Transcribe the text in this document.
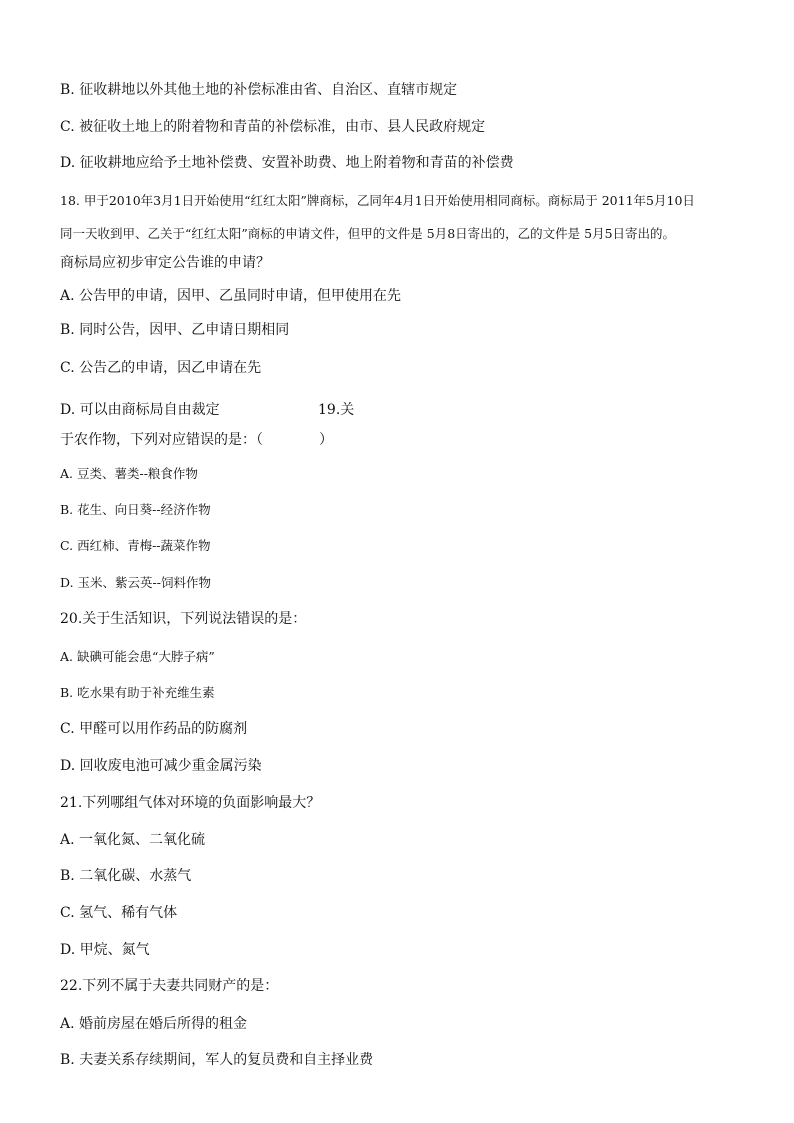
B. 征收耕地以外其他土地的补偿标准由省、自治区、直辖市规定
C. 被征收土地上的附着物和青苗的补偿标准，由市、县人民政府规定
D. 征收耕地应给予土地补偿费、安置补助费、地上附着物和青苗的补偿费
18. 甲于2010年3月1日开始使用“红红太阳”牌商标，乙同年4月1日开始使用相同商标。商标局于 2011年5月10日
同一天收到甲、乙关于“红红太阳”商标的申请文件，但甲的文件是 5月8日寄出的，乙的文件是 5月5日寄出的。
商标局应初步审定公告谁的申请？
A. 公告甲的申请，因甲、乙虽同时申请，但甲使用在先
B. 同时公告，因甲、乙申请日期相同
C. 公告乙的申请，因乙申请在先
D. 可以由商标局自由裁定	19.关
于农作物，下列对应错误的是：（　　　　）
A. 豆类、薯类--粮食作物
B. 花生、向日葵--经济作物
C. 西红柿、青梅--蔬菜作物
D. 玉米、紫云英--饲料作物
20.关于生活知识，下列说法错误的是：
A. 缺碘可能会患“大脖子病”
B. 吃水果有助于补充维生素
C. 甲醛可以用作药品的防腐剂
D. 回收废电池可减少重金属污染
21.下列哪组气体对环境的负面影响最大？
A. 一氧化氮、二氧化硫
B. 二氧化碳、水蒸气
C. 氢气、稀有气体
D. 甲烷、氮气
22.下列不属于夫妻共同财产的是：
A. 婚前房屋在婚后所得的租金
B. 夫妻关系存续期间，军人的复员费和自主择业费
